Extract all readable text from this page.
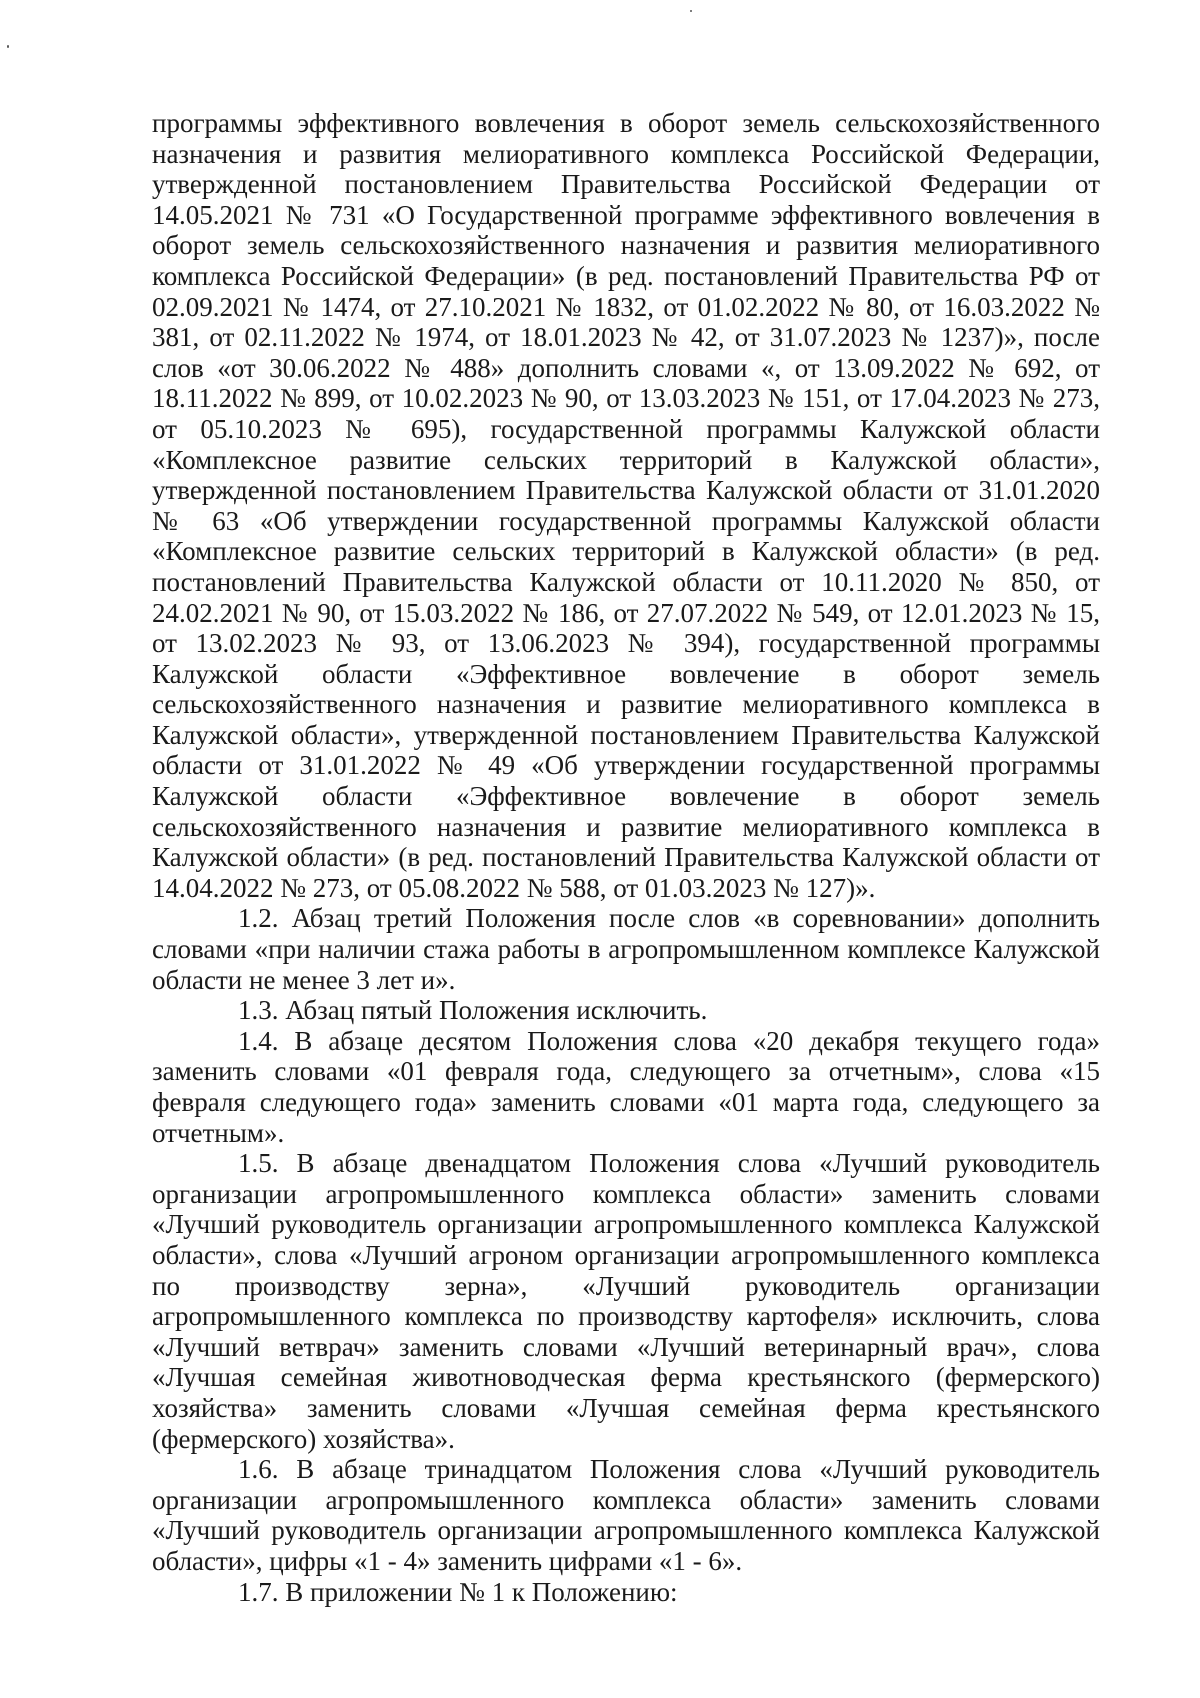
программы эффективного вовлечения в оборот земель сельскохозяйственного назначения и развития мелиоративного комплекса Российской Федерации, утвержденной постановлением Правительства Российской Федерации от 14.05.2021 № 731 «О Государственной программе эффективного вовлечения в оборот земель сельскохозяйственного назначения и развития мелиоративного комплекса Российской Федерации» (в ред. постановлений Правительства РФ от 02.09.2021 № 1474, от 27.10.2021 № 1832, от 01.02.2022 № 80, от 16.03.2022 № 381, от 02.11.2022 № 1974, от 18.01.2023 № 42, от 31.07.2023 № 1237)», после слов «от 30.06.2022 № 488» дополнить словами «, от 13.09.2022 № 692, от 18.11.2022 № 899, от 10.02.2023 № 90, от 13.03.2023 № 151, от 17.04.2023 № 273, от 05.10.2023 № 695), государственной программы Калужской области «Комплексное развитие сельских территорий в Калужской области», утвержденной постановлением Правительства Калужской области от 31.01.2020 № 63 «Об утверждении государственной программы Калужской области «Комплексное развитие сельских территорий в Калужской области» (в ред. постановлений Правительства Калужской области от 10.11.2020 № 850, от 24.02.2021 № 90, от 15.03.2022 № 186, от 27.07.2022 № 549, от 12.01.2023 № 15, от 13.02.2023 № 93, от 13.06.2023 № 394), государственной программы Калужской области «Эффективное вовлечение в оборот земель сельскохозяйственного назначения и развитие мелиоративного комплекса в Калужской области», утвержденной постановлением Правительства Калужской области от 31.01.2022 № 49 «Об утверждении государственной программы Калужской области «Эффективное вовлечение в оборот земель сельскохозяйственного назначения и развитие мелиоративного комплекса в Калужской области» (в ред. постановлений Правительства Калужской области от 14.04.2022 № 273, от 05.08.2022 № 588, от 01.03.2023 № 127)».

1.2. Абзац третий Положения после слов «в соревновании» дополнить словами «при наличии стажа работы в агропромышленном комплексе Калужской области не менее 3 лет и».

1.3. Абзац пятый Положения исключить.

1.4. В абзаце десятом Положения слова «20 декабря текущего года» заменить словами «01 февраля года, следующего за отчетным», слова «15 февраля следующего года» заменить словами «01 марта года, следующего за отчетным».

1.5. В абзаце двенадцатом Положения слова «Лучший руководитель организации агропромышленного комплекса области» заменить словами «Лучший руководитель организации агропромышленного комплекса Калужской области», слова «Лучший агроном организации агропромышленного комплекса по производству зерна», «Лучший руководитель организации агропромышленного комплекса по производству картофеля» исключить, слова «Лучший ветврач» заменить словами «Лучший ветеринарный врач», слова «Лучшая семейная животноводческая ферма крестьянского (фермерского) хозяйства» заменить словами «Лучшая семейная ферма крестьянского (фермерского) хозяйства».

1.6. В абзаце тринадцатом Положения слова «Лучший руководитель организации агропромышленного комплекса области» заменить словами «Лучший руководитель организации агропромышленного комплекса Калужской области», цифры «1 - 4» заменить цифрами «1 - 6».

1.7. В приложении № 1 к Положению:
